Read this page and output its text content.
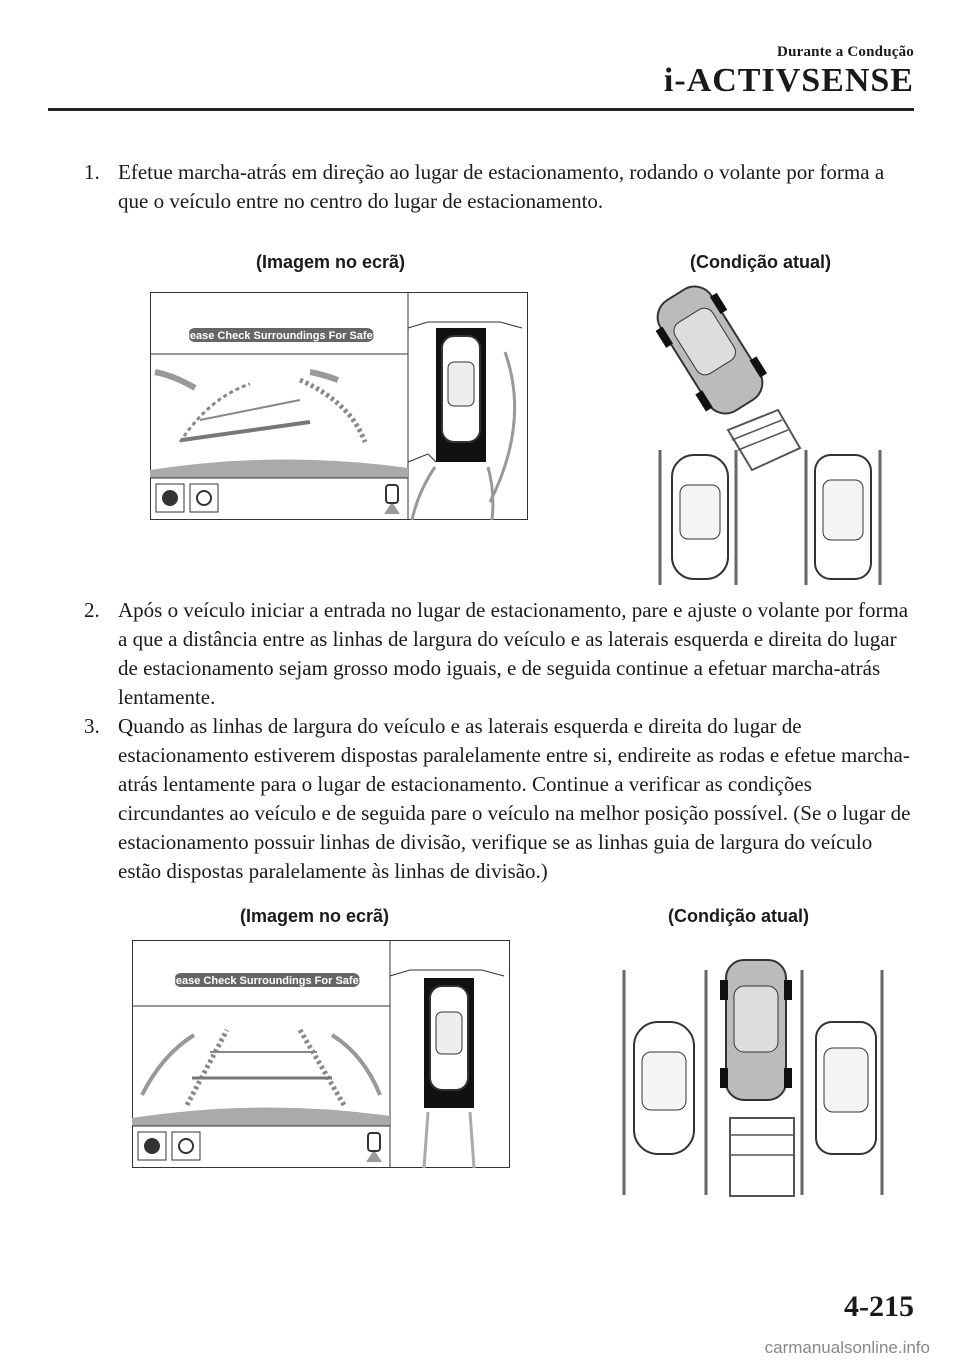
Durante a Condução
i-ACTIVSENSE
1. Efetue marcha-atrás em direção ao lugar de estacionamento, rodando o volante por forma a que o veículo entre no centro do lugar de estacionamento.
(Imagem no ecrã)	(Condição atual)
Please Check Surroundings For Safety
2. Após o veículo iniciar a entrada no lugar de estacionamento, pare e ajuste o volante por forma a que a distância entre as linhas de largura do veículo e as laterais esquerda e direita do lugar de estacionamento sejam grosso modo iguais, e de seguida continue a efetuar marcha-atrás lentamente.
3. Quando as linhas de largura do veículo e as laterais esquerda e direita do lugar de estacionamento estiverem dispostas paralelamente entre si, endireite as rodas e efetue marcha-atrás lentamente para o lugar de estacionamento. Continue a verificar as condições circundantes ao veículo e de seguida pare o veículo na melhor posição possível. (Se o lugar de estacionamento possuir linhas de divisão, verifique se as linhas guia de largura do veículo estão dispostas paralelamente às linhas de divisão.)
(Imagem no ecrã)	(Condição atual)
Please Check Surroundings For Safety
4-215
carmanualsonline.info
